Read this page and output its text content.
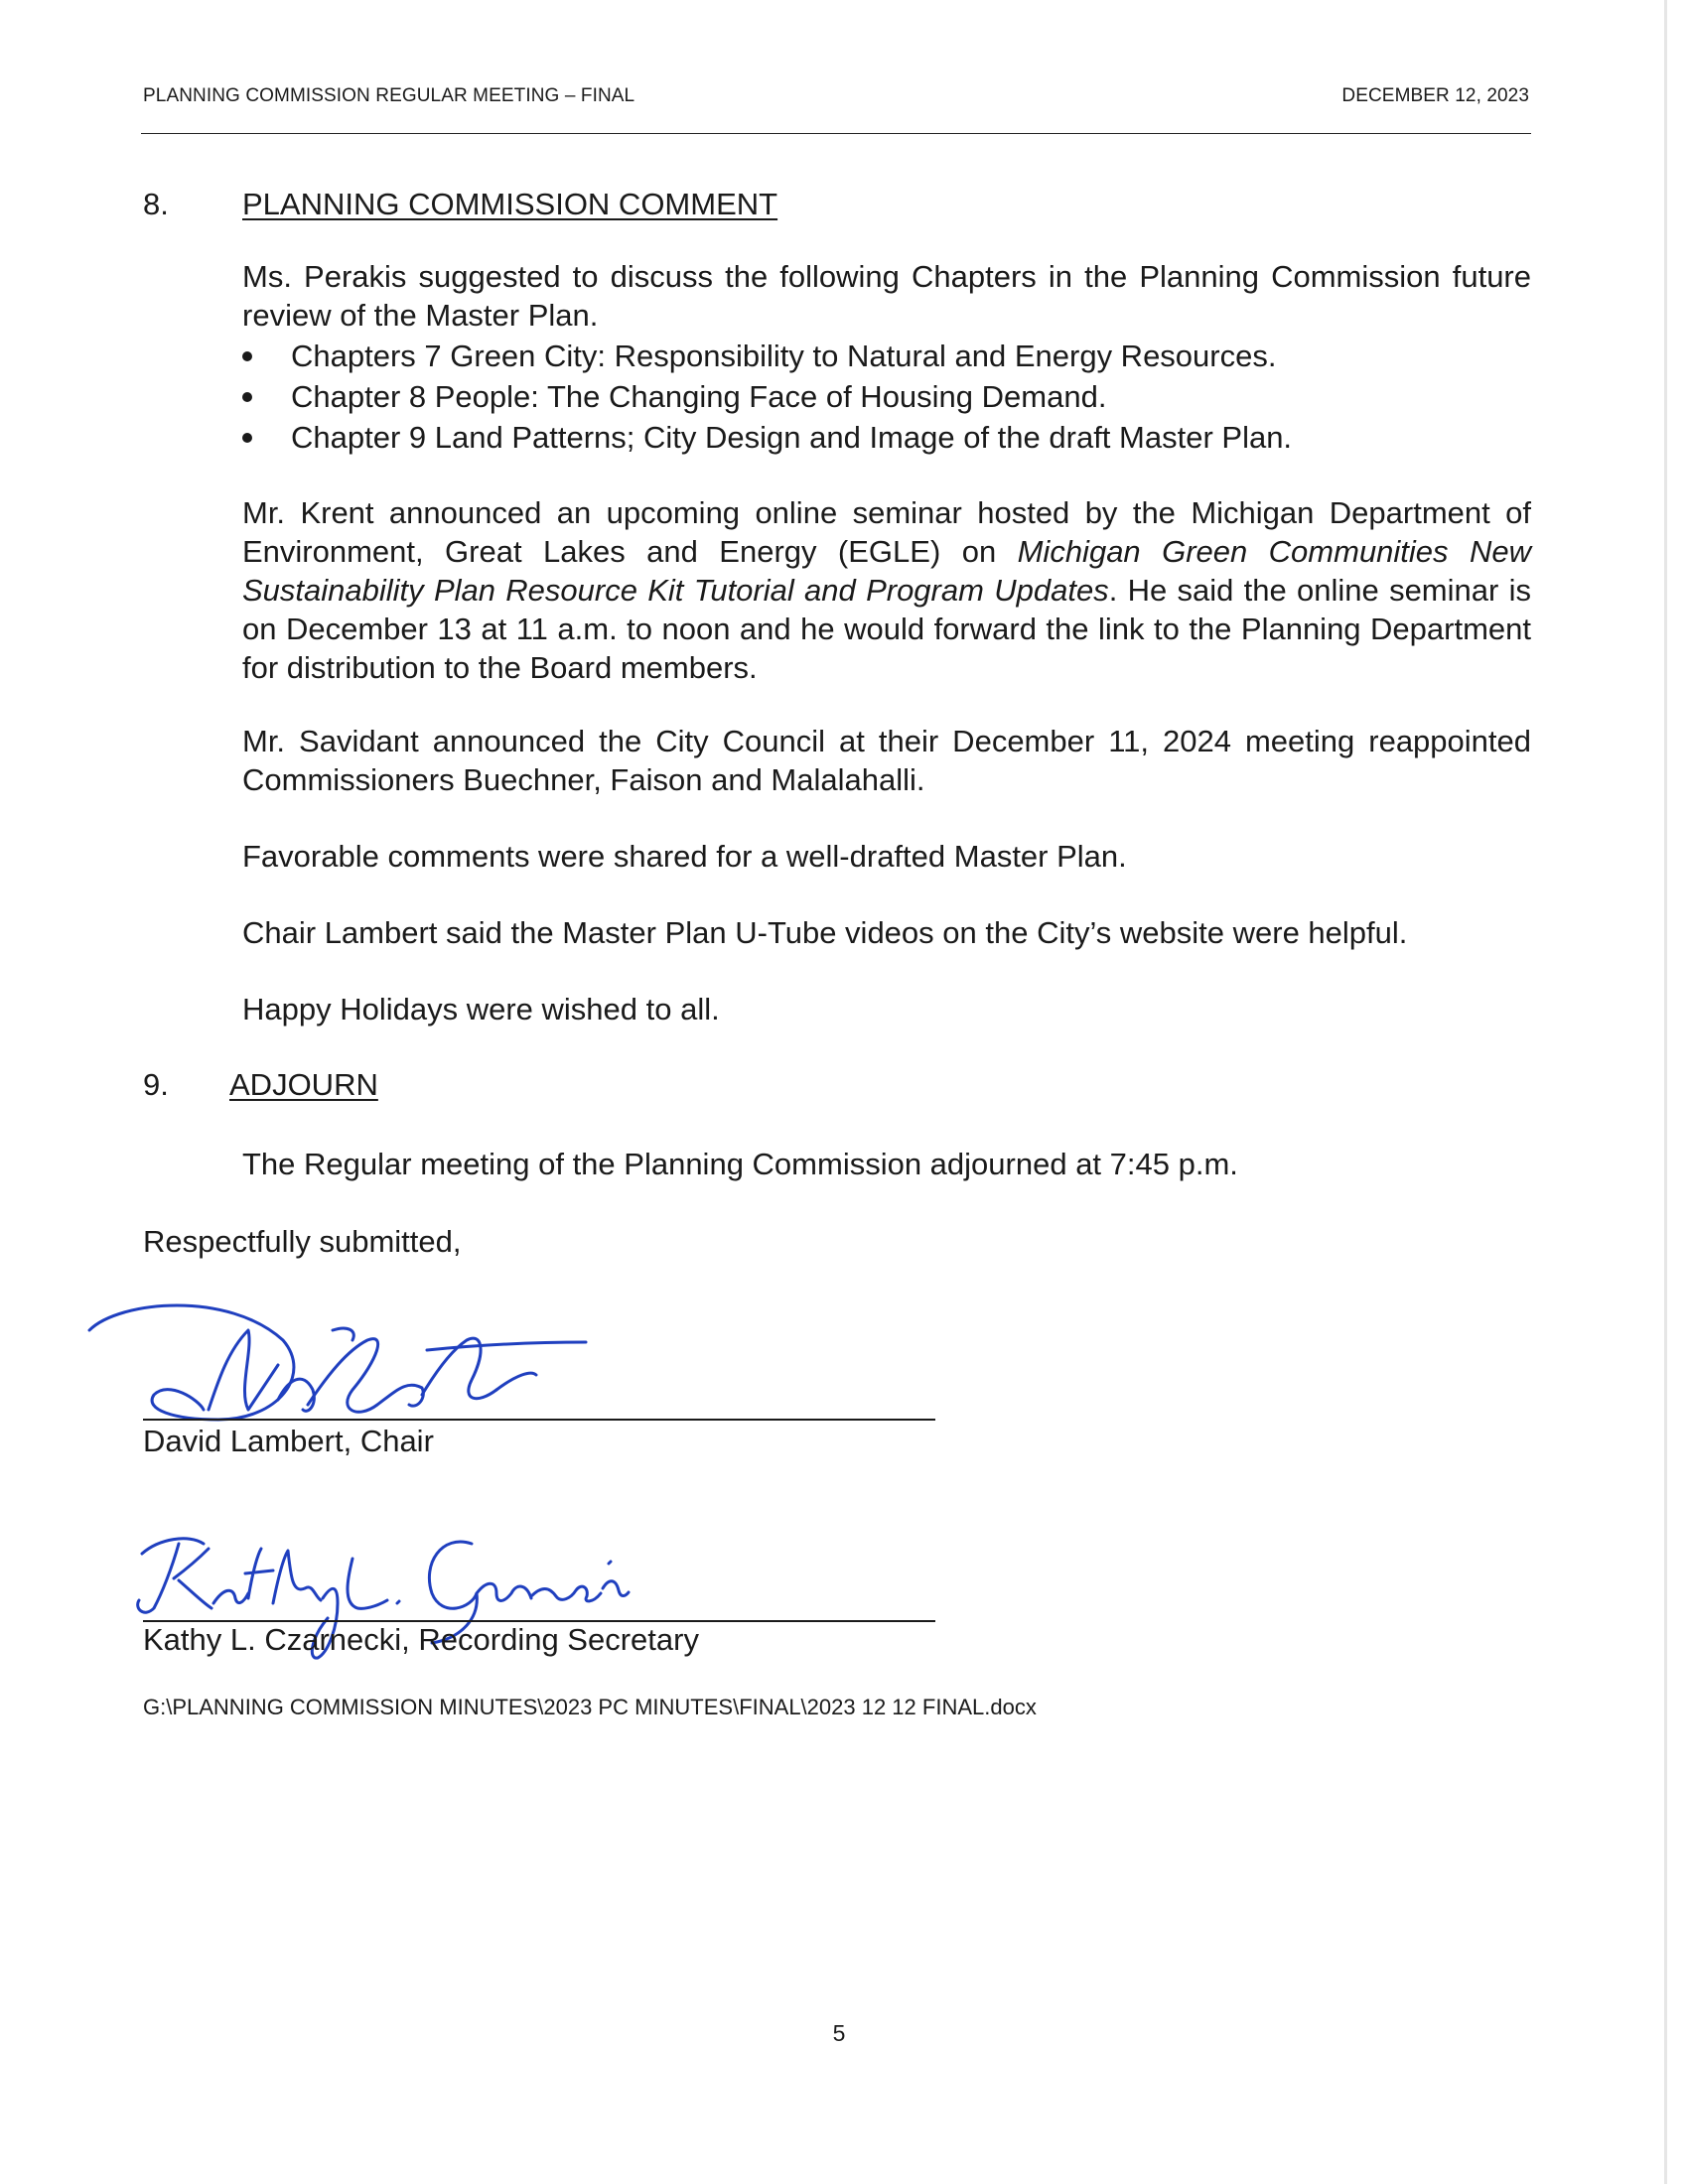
PLANNING COMMISSION REGULAR MEETING – FINAL	DECEMBER 12, 2023
8. PLANNING COMMISSION COMMENT
Ms. Perakis suggested to discuss the following Chapters in the Planning Commission future review of the Master Plan.
Chapters 7 Green City: Responsibility to Natural and Energy Resources.
Chapter 8 People: The Changing Face of Housing Demand.
Chapter 9 Land Patterns; City Design and Image of the draft Master Plan.
Mr. Krent announced an upcoming online seminar hosted by the Michigan Department of Environment, Great Lakes and Energy (EGLE) on Michigan Green Communities New Sustainability Plan Resource Kit Tutorial and Program Updates. He said the online seminar is on December 13 at 11 a.m. to noon and he would forward the link to the Planning Department for distribution to the Board members.
Mr. Savidant announced the City Council at their December 11, 2024 meeting reappointed Commissioners Buechner, Faison and Malalahalli.
Favorable comments were shared for a well-drafted Master Plan.
Chair Lambert said the Master Plan U-Tube videos on the City’s website were helpful.
Happy Holidays were wished to all.
9. ADJOURN
The Regular meeting of the Planning Commission adjourned at 7:45 p.m.
Respectfully submitted,
David Lambert, Chair
Kathy L. Czarnecki, Recording Secretary
G:\PLANNING COMMISSION MINUTES\2023 PC MINUTES\FINAL\2023 12 12 FINAL.docx
5
